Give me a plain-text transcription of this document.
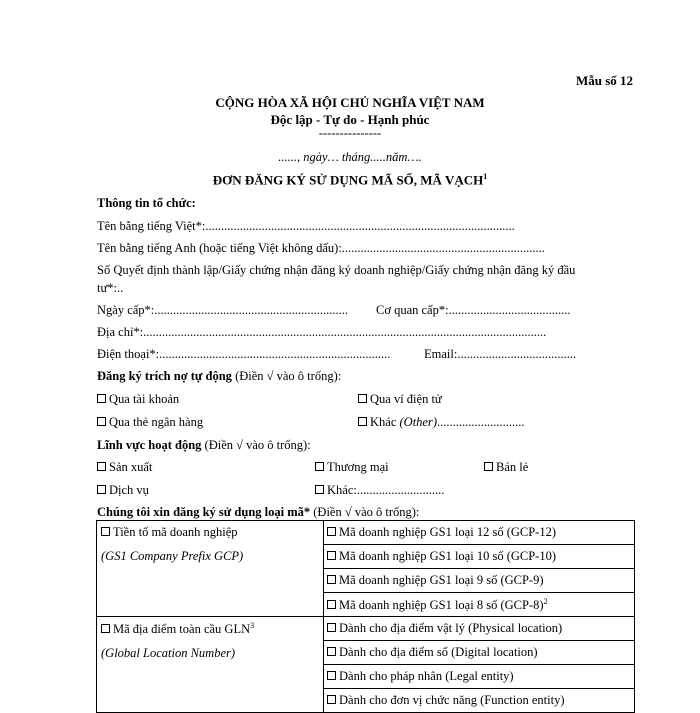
Mẫu số 12
CỘNG HÒA XÃ HỘI CHỦ NGHĨA VIỆT NAM
Độc lập - Tự do - Hạnh phúc
---------------
......, ngày… tháng.....năm….
ĐƠN ĐĂNG KÝ SỬ DỤNG MÃ SỐ, MÃ VẠCH$^1$
Thông tin tổ chức:
Tên bằng tiếng Việt*:...................................................................................................
Tên bằng tiếng Anh (hoặc tiếng Việt không dấu):.................................................................
Số Quyết định thành lập/Giấy chứng nhận đăng ký doanh nghiệp/Giấy chứng nhận đăng ký đầu
tư*:..
Ngày cấp*:.............................................................. Cơ quan cấp*:.......................................
Địa chỉ*:.................................................................................................................................
Điện thoại*:..........................................................................	Email:......................................
Đăng ký trích nợ tự động (Điền √ vào ô trống):
Qua tài khoản	Qua ví điện tử
Qua thẻ ngân hàng	Khác (Other)............................
Lĩnh vực hoạt động (Điền √ vào ô trống):
Sản xuất	Thương mại	Bán lẻ
Dịch vụ	Khác:............................
Chúng tôi xin đăng ký sử dụng loại mã* (Điền √ vào ô trống):
Tiền tố mã doanh nghiệp
(GS1 Company Prefix GCP)	Mã doanh nghiệp GS1 loại 12 số (GCP-12)
	Mã doanh nghiệp GS1 loại 10 số (GCP-10)
	Mã doanh nghiệp GS1 loại 9 số (GCP-9)
	Mã doanh nghiệp GS1 loại 8 số $(GCP-8)^2$

Mã địa điểm toàn cầu GLN$^3$
(Global Location Number)	Dành cho địa điểm vật lý (Physical location)
	Dành cho địa điểm số (Digital location)
	Dành cho pháp nhân (Legal entity)
	Dành cho đơn vị chức năng (Function entity)
